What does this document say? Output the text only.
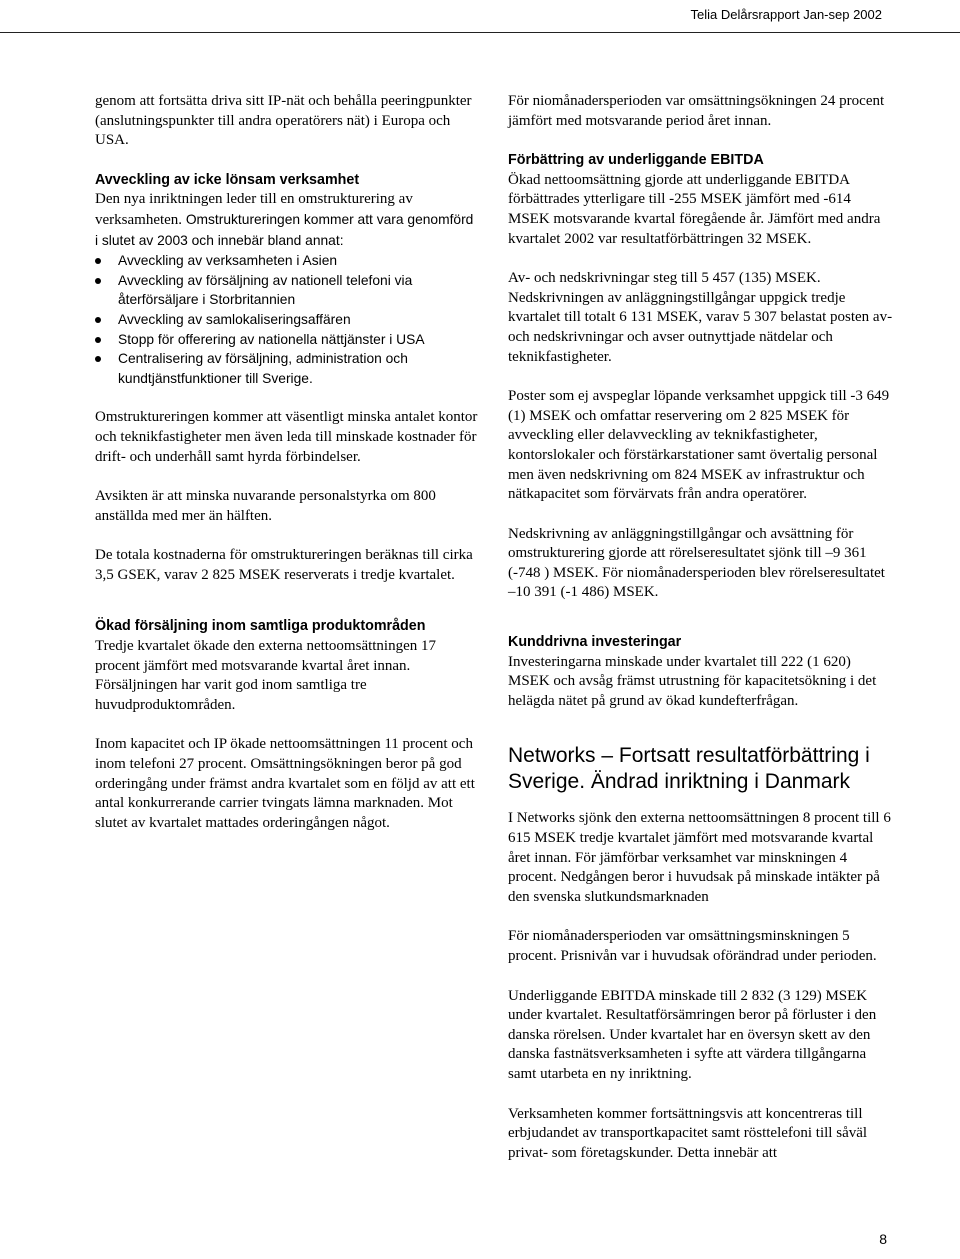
Telia Delårsrapport Jan-sep 2002

genom att fortsätta driva sitt IP-nät och behålla peeringpunkter (anslutningspunkter till andra operatörers nät) i Europa och USA.

Avveckling av icke lönsam verksamhet

Den nya inriktningen leder till en omstrukturering av verksamheten. Omstruktureringen kommer att vara genomförd i slutet av 2003 och innebär bland annat:

Avveckling av verksamheten i Asien
Avveckling av försäljning av nationell telefoni via återförsäljare i Storbritannien
Avveckling av samlokaliseringsaffären
Stopp för offerering av nationella nättjänster i USA
Centralisering av försäljning, administration och kundtjänstfunktioner till Sverige.

Omstruktureringen kommer att väsentligt minska antalet kontor och teknikfastigheter men även leda till minskade kostnader för drift- och underhåll samt hyrda förbindelser.

Avsikten är att minska nuvarande personalstyrka om 800 anställda med mer än hälften.

De totala kostnaderna för omstruktureringen beräknas till cirka 3,5 GSEK, varav 2 825 MSEK reserverats i tredje kvartalet.

Ökad försäljning inom samtliga produktområden

Tredje kvartalet ökade den externa nettoomsättningen 17 procent jämfört med motsvarande kvartal året innan. Försäljningen har varit god inom samtliga tre huvudproduktområden.

Inom kapacitet och IP ökade nettoomsättningen 11 procent och inom telefoni 27 procent. Omsättningsökningen beror på god orderingång under främst andra kvartalet som en följd av att ett antal konkurrerande carrier tvingats lämna marknaden. Mot slutet av kvartalet mattades orderingången något.

För niomånadersperioden var omsättningsökningen 24 procent jämfört med motsvarande period året innan.

Förbättring av underliggande EBITDA

Ökad nettoomsättning gjorde att underliggande EBITDA förbättrades ytterligare till -255 MSEK jämfört med -614 MSEK motsvarande kvartal föregående år. Jämfört med andra kvartalet 2002 var resultatförbättringen 32 MSEK.

Av- och nedskrivningar steg till 5 457 (135) MSEK. Nedskrivningen av anläggningstillgångar uppgick tredje kvartalet till totalt 6 131 MSEK, varav 5 307 belastat posten av- och nedskrivningar och avser outnyttjade nätdelar och teknikfastigheter.

Poster som ej avspeglar löpande verksamhet uppgick till -3 649 (1) MSEK och omfattar reservering om 2 825 MSEK för avveckling eller delavveckling av teknikfastigheter, kontorslokaler och förstärkarstationer samt övertalig personal men även nedskrivning om 824 MSEK av infrastruktur och nätkapacitet som förvärvats från andra operatörer.

Nedskrivning av anläggningstillgångar och avsättning för omstrukturering gjorde att rörelseresultatet sjönk till –9 361 (-748 ) MSEK. För niomånadersperioden blev rörelseresultatet –10 391 (-1 486) MSEK.

Kunddrivna investeringar

Investeringarna minskade under kvartalet till 222 (1 620) MSEK och avsåg främst utrustning för kapacitetsökning i det helägda nätet på grund av ökad kundefterfrågan.

Networks – Fortsatt resultatförbättring i Sverige. Ändrad inriktning i Danmark

I Networks sjönk den externa nettoomsättningen 8 procent till 6 615 MSEK tredje kvartalet jämfört med motsvarande kvartal året innan. För jämförbar verksamhet var minskningen 4 procent. Nedgången beror i huvudsak på minskade intäkter på den svenska slutkundsmarknaden

För niomånadersperioden var omsättningsminskningen 5 procent. Prisnivån var i huvudsak oförändrad under perioden.

Underliggande EBITDA minskade till 2 832 (3 129) MSEK under kvartalet. Resultatförsämringen beror på förluster i den danska rörelsen. Under kvartalet har en översyn skett av den danska fastnätsverksamheten i syfte att värdera tillgångarna samt utarbeta en ny inriktning.

Verksamheten kommer fortsättningsvis att koncentreras till erbjudandet av transportkapacitet samt rösttelefoni till såväl privat- som företagskunder. Detta innebär att

8
